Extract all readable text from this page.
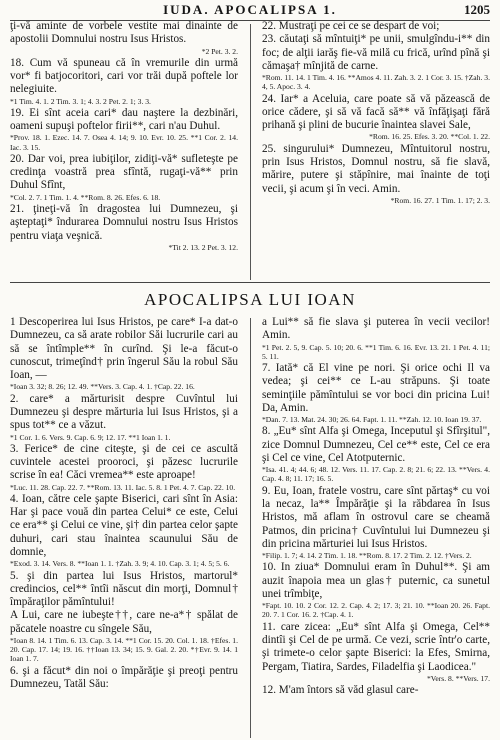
IUDA. APOCALIPSA 1.	1205
ţi-vă aminte de vorbele vestite mai dinainte de apostolii Domnului nostru Isus Hristos.
*2 Pet. 3. 2.
18. Cum vă spuneau că în vremurile din urmă vor* fi batjocoritori, cari vor trăi după poftele lor nelegiuite.
*1 Tim. 4. 1. 2 Tim. 3. 1; 4. 3. 2 Pet. 2. 1; 3. 3.
19. Ei sînt aceia cari* dau naştere la dezbinări, oameni supuşi poftelor firii**, cari n'au Duhul.
*Prov. 18. 1. Ezec. 14. 7. Osea 4. 14; 9. 10. Evr. 10. 25. **1 Cor. 2. 14. Iac. 3. 15.
20. Dar voi, prea iubiţilor, zidiţi-vă* sufleteşte pe credinţa voastră prea sfîntă, rugaţi-vă** prin Duhul Sfînt,
*Col. 2. 7. 1 Tim. 1. 4. **Rom. 8. 26. Efes. 6. 18.
21. ţineţi-vă în dragostea lui Dumnezeu, şi aşteptaţi* îndurarea Domnului nostru Isus Hristos pentru viaţa veşnică.
*Tit 2. 13. 2 Pet. 3. 12.
22. Mustraţi pe cei ce se despart de voi;
23. căutaţi să mîntuiţi* pe unii, smulgîndu-i** din foc; de alţii iarăş fie-vă milă cu frică, urînd pînă şi cămaşa† mînjită de carne.
*Rom. 11. 14. 1 Tim. 4. 16. **Amos 4. 11. Zah. 3. 2. 1 Cor. 3. 15. †Zah. 3. 4, 5. Apoc. 3. 4.
24. Iar* a Aceluia, care poate să vă păzească de orice cădere, şi să vă facă să** vă înfăţişaţi fără prihană şi plini de bucurie înaintea slavei Sale,
*Rom. 16. 25. Efes. 3. 20. **Col. 1. 22.
25. singurului* Dumnezeu, Mîntuitorul nostru, prin Isus Hristos, Domnul nostru, să fie slavă, mărire, putere şi stăpînire, mai înainte de toţi vecii, şi acum şi în veci. Amin.
*Rom. 16. 27. 1 Tim. 1. 17; 2. 3.
APOCALIPSA LUI IOAN
1 Descoperirea lui Isus Hristos, pe care* I-a dat-o Dumnezeu, ca să arate robilor Săi lucrurile cari au să se întîmple** în curînd. Şi le-a făcut-o cunoscut, trimeţînd† prin îngerul Său la robul Său Ioan, —
*Ioan 3. 32; 8. 26; 12. 49. **Vers. 3. Cap. 4. 1. †Cap. 22. 16.
2. care* a mărturisit despre Cuvîntul lui Dumnezeu şi despre mărturia lui Isus Hristos, şi a spus tot** ce a văzut.
*1 Cor. 1. 6. Vers. 9. Cap. 6. 9; 12. 17. **1 Ioan 1. 1.
3. Ferice* de cine citeşte, şi de cei ce ascultă cuvintele acestei prooroci, şi păzesc lucrurile scrise în ea! Căci vremea** este aproape!
*Luc. 11. 28. Cap. 22. 7. **Rom. 13. 11. Iac. 5. 8. 1 Pet. 4. 7. Cap. 22. 10.
4. Ioan, către cele şapte Biserici, cari sînt în Asia: Har şi pace vouă din partea Celui* ce este, Celui ce era** şi Celui ce vine, şi† din partea celor şapte duhuri, cari stau înaintea scaunului Său de domnie,
*Exod. 3. 14. Vers. 8. **Ioan 1. 1. †Zah. 3. 9; 4. 10. Cap. 3. 1; 4. 5; 5. 6.
5. şi din partea lui Isus Hristos, martorul* credincios, cel** întîi născut din morţi, Domnul† împăraţilor pămîntului!
A Lui, care ne iubeşte††, care ne-a*† spălat de păcatele noastre cu sîngele Său,
*Ioan 8. 14. 1 Tim. 6. 13. Cap. 3. 14. **1 Cor. 15. 20. Col. 1. 18. †Efes. 1. 20. Cap. 17. 14; 19. 16. ††Ioan 13. 34; 15. 9. Gal. 2. 20. *†Evr. 9. 14. 1 Ioan 1. 7.
6. şi a făcut* din noi o împărăţie şi preoţi pentru Dumnezeu, Tatăl Său:
a Lui** să fie slava şi puterea în vecii vecilor! Amin.
*1 Pet. 2. 5, 9. Cap. 5. 10; 20. 6. **1 Tim. 6. 16. Evr. 13. 21. 1 Pet. 4. 11; 5. 11.
7. Iată* că El vine pe nori. Şi orice ochi Il va vedea; şi cei** ce L-au străpuns. Şi toate seminţiile pămîntului se vor boci din pricina Lui! Da, Amin.
*Dan. 7. 13. Mat. 24. 30; 26. 64. Fapt. 1. 11. **Zah. 12. 10. Ioan 19. 37.
8. „Eu* sînt Alfa şi Omega, Inceputul şi Sfîrşitul", zice Domnul Dumnezeu, Cel ce** este, Cel ce era şi Cel ce vine, Cel Atotputernic.
*Isa. 41. 4; 44. 6; 48. 12. Vers. 11. 17. Cap. 2. 8; 21. 6; 22. 13. **Vers. 4. Cap. 4. 8; 11. 17; 16. 5.
9. Eu, Ioan, fratele vostru, care sînt părtaş* cu voi la necaz, la** Împărăţie şi la răbdarea în Isus Hristos, mă aflam în ostrovul care se cheamă Patmos, din pricina† Cuvîntului lui Dumnezeu şi din pricina mărturiei lui Isus Hristos.
*Filip. 1. 7; 4. 14. 2 Tim. 1. 18. **Rom. 8. 17. 2 Tim. 2. 12. †Vers. 2.
10. In ziua* Domnului eram în Duhul**. Şi am auzit înapoia mea un glas† puternic, ca sunetul unei trîmbiţe,
*Fapt. 10. 10. 2 Cor. 12. 2. Cap. 4. 2; 17. 3; 21. 10. **Ioan 20. 26. Fapt. 20. 7. 1 Cor. 16. 2. †Cap. 4. 1.
11. care zicea: „Eu* sînt Alfa şi Omega, Cel** dintîi şi Cel de pe urmă. Ce vezi, scrie într'o carte, şi trimete-o celor şapte Biserici: la Efes, Smirna, Pergam, Tiatira, Sardes, Filadelfia şi Laodicea."
*Vers. 8. **Vers. 17.
12. M'am întors să văd glasul care-
